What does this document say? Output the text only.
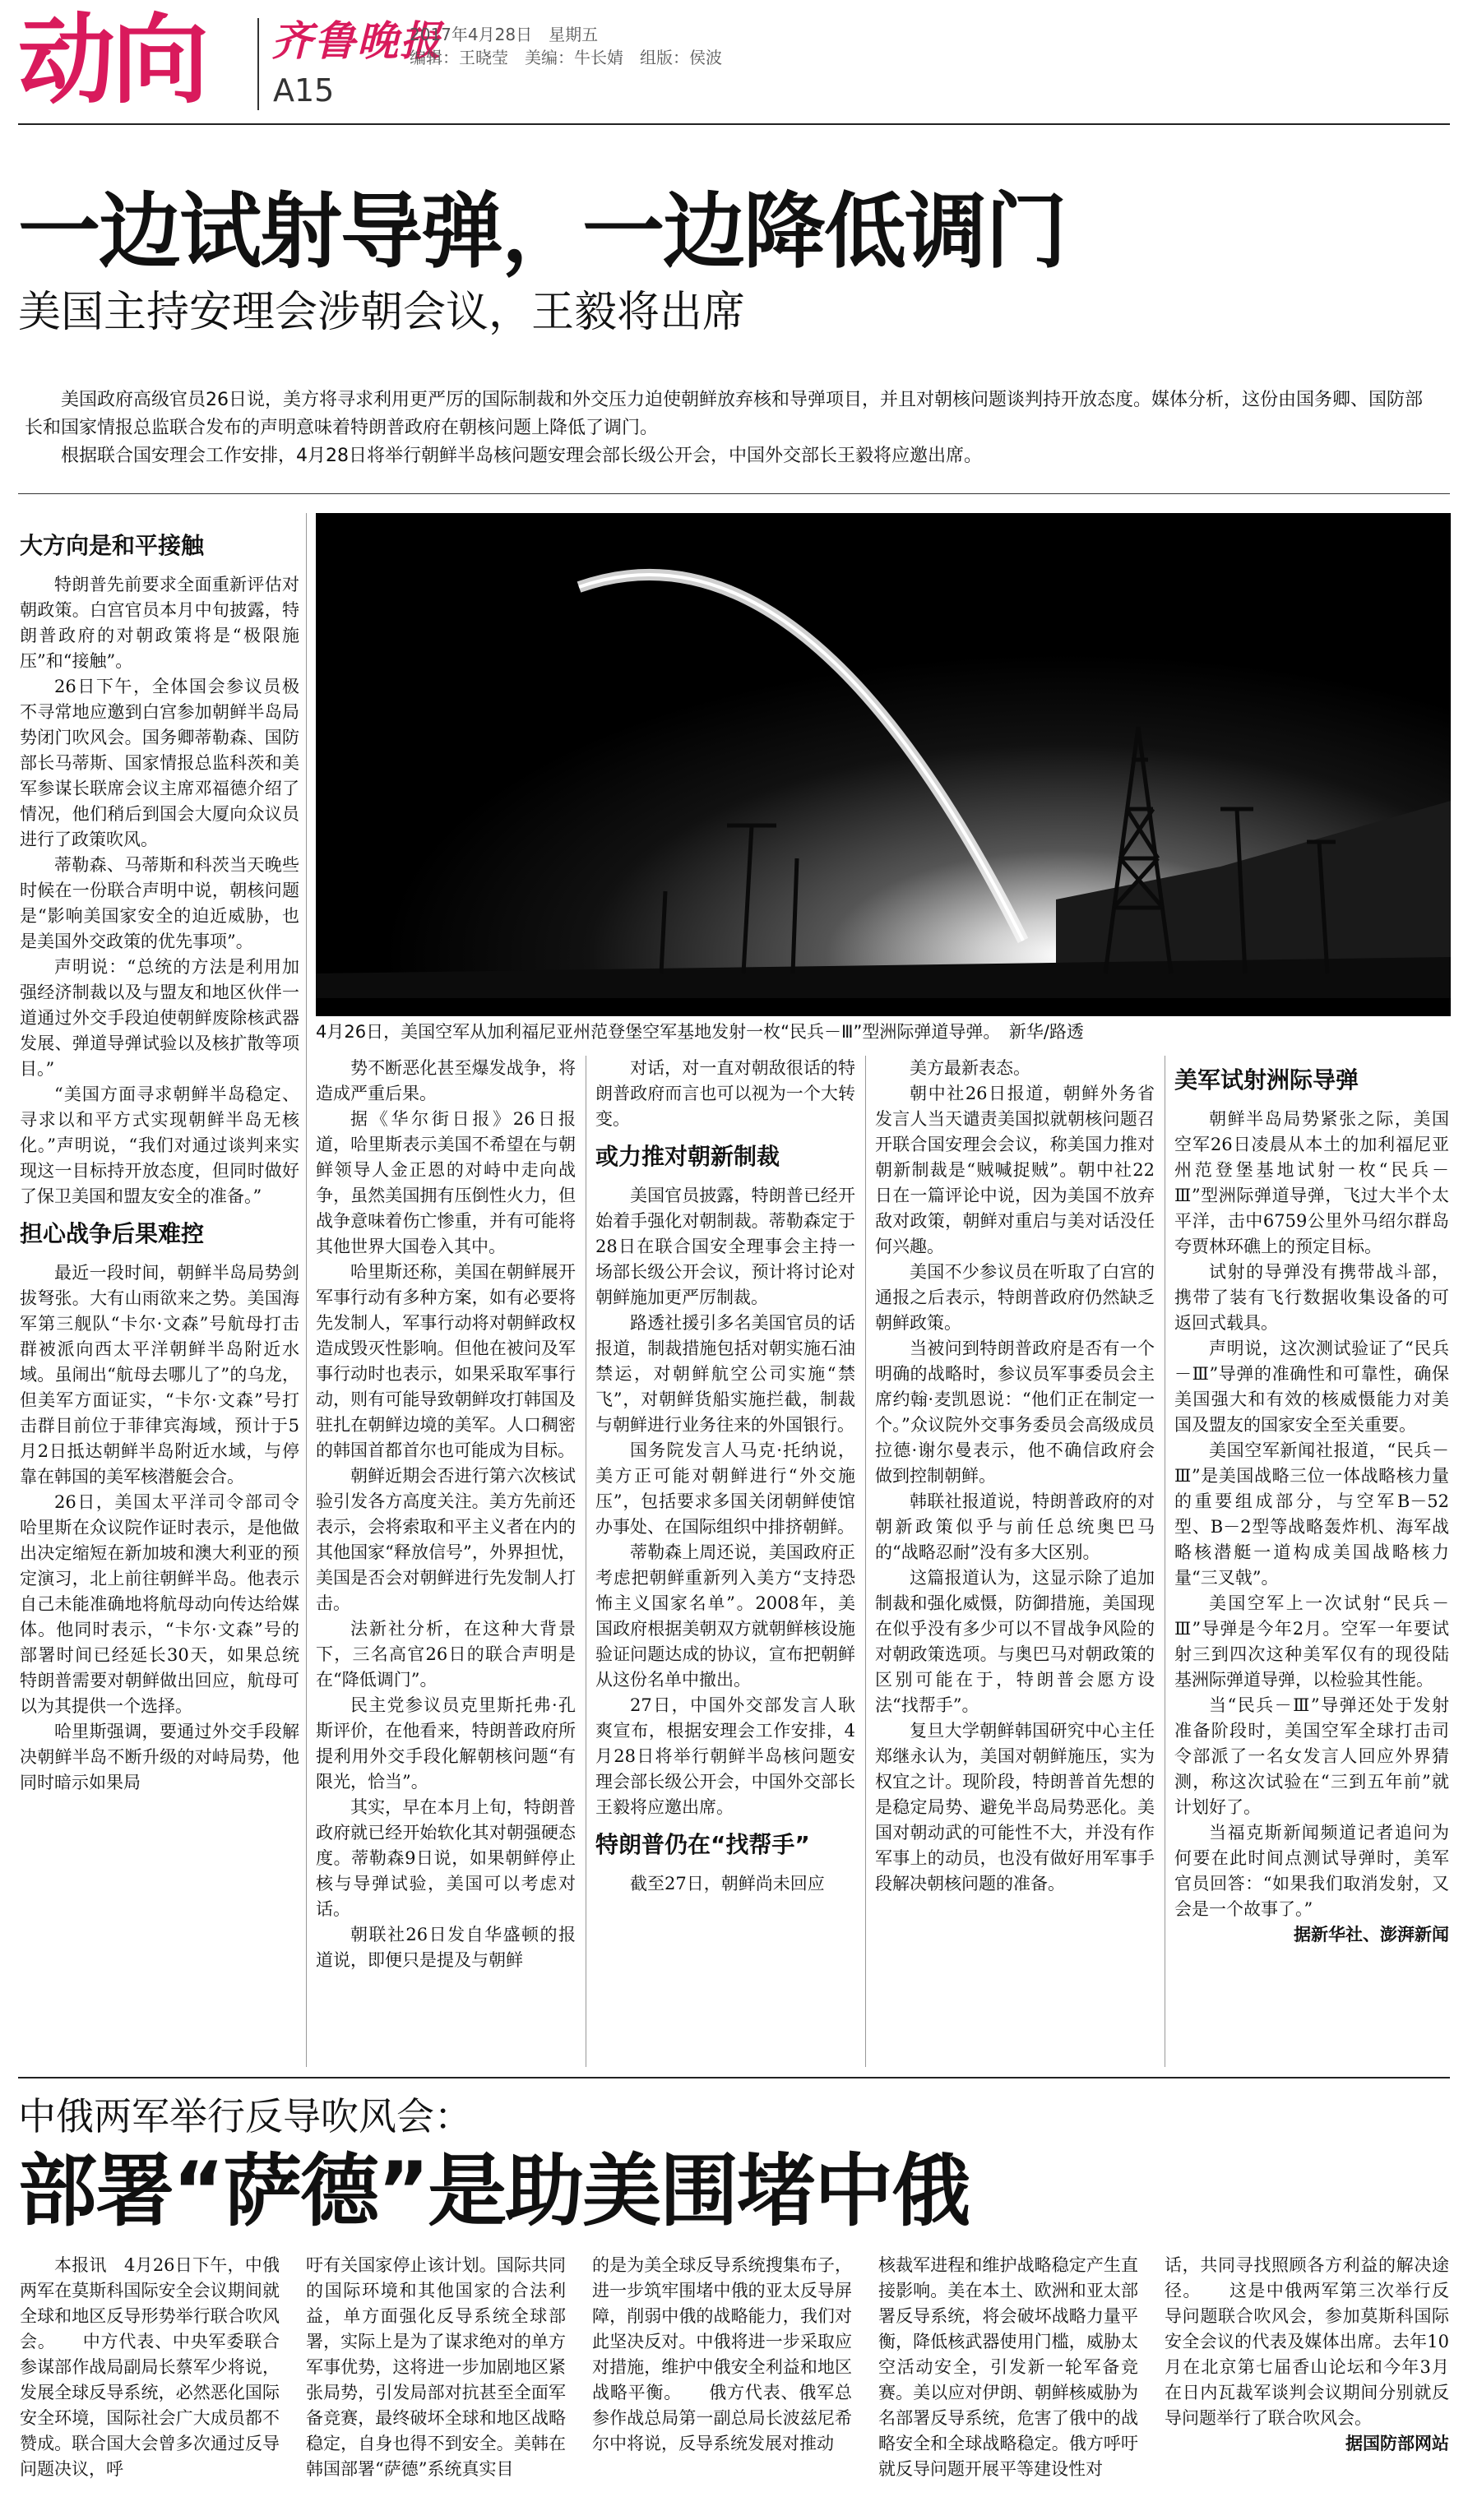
动向 齐鲁晚报
A15
2017年4月28日　星期五
编辑：王晓莹　美编：牛长婧　组版：侯波
一边试射导弹，一边降低调门
美国主持安理会涉朝会议，王毅将出席

美国政府高级官员26日说，美方将寻求利用更严厉的国际制裁和外交压力迫使朝鲜放弃核和导弹项目，并且对朝核问题谈判持开放态度。媒体分析，这份由国务卿、国防部长和国家情报总监联合发布的声明意味着特朗普政府在朝核问题上降低了调门。

根据联合国安理会工作安排，4月28日将举行朝鲜半岛核问题安理会部长级公开会，中国外交部长王毅将应邀出席。

4月26日，美国空军从加利福尼亚州范登堡空军基地发射一枚“民兵－Ⅲ”型洲际弹道导弹。　新华/路透
大方向是和平接触

特朗普先前要求全面重新评估对朝政策。白宫官员本月中旬披露，特朗普政府的对朝政策将是“极限施压”和“接触”。

26日下午，全体国会参议员极不寻常地应邀到白宫参加朝鲜半岛局势闭门吹风会。国务卿蒂勒森、国防部长马蒂斯、国家情报总监科茨和美军参谋长联席会议主席邓福德介绍了情况，他们稍后到国会大厦向众议员进行了政策吹风。

蒂勒森、马蒂斯和科茨当天晚些时候在一份联合声明中说，朝核问题是“影响美国家安全的迫近威胁，也是美国外交政策的优先事项”。

声明说：“总统的方法是利用加强经济制裁以及与盟友和地区伙伴一道通过外交手段迫使朝鲜废除核武器发展、弹道导弹试验以及核扩散等项目。”

“美国方面寻求朝鲜半岛稳定、寻求以和平方式实现朝鲜半岛无核化。”声明说，“我们对通过谈判来实现这一目标持开放态度，但同时做好了保卫美国和盟友安全的准备。”

担心战争后果难控

最近一段时间，朝鲜半岛局势剑拔弩张。大有山雨欲来之势。美国海军第三舰队“卡尔·文森”号航母打击群被派向西太平洋朝鲜半岛附近水域。虽闹出“航母去哪儿了”的乌龙，但美军方面证实，“卡尔·文森”号打击群目前位于菲律宾海域，预计于5月2日抵达朝鲜半岛附近水域，与停靠在韩国的美军核潜艇会合。

26日，美国太平洋司令部司令哈里斯在众议院作证时表示，是他做出决定缩短在新加坡和澳大利亚的预定演习，北上前往朝鲜半岛。他表示自己未能准确地将航母动向传达给媒体。他同时表示，“卡尔·文森”号的部署时间已经延长30天，如果总统特朗普需要对朝鲜做出回应，航母可以为其提供一个选择。

哈里斯强调，要通过外交手段解决朝鲜半岛不断升级的对峙局势，他同时暗示如果局

势不断恶化甚至爆发战争，将造成严重后果。

据《华尔街日报》26日报道，哈里斯表示美国不希望在与朝鲜领导人金正恩的对峙中走向战争，虽然美国拥有压倒性火力，但战争意味着伤亡惨重，并有可能将其他世界大国卷入其中。

哈里斯还称，美国在朝鲜展开军事行动有多种方案，如有必要将先发制人，军事行动将对朝鲜政权造成毁灭性影响。但他在被问及军事行动时也表示，如果采取军事行动，则有可能导致朝鲜攻打韩国及驻扎在朝鲜边境的美军。人口稠密的韩国首都首尔也可能成为目标。

朝鲜近期会否进行第六次核试验引发各方高度关注。美方先前还表示，会将索取和平主义者在内的其他国家“释放信号”，外界担忧，美国是否会对朝鲜进行先发制人打击。

法新社分析，在这种大背景下，三名高官26日的联合声明是在“降低调门”。

民主党参议员克里斯托弗·孔斯评价，在他看来，特朗普政府所提利用外交手段化解朝核问题“有限光，恰当”。

其实，早在本月上旬，特朗普政府就已经开始软化其对朝强硬态度。蒂勒森9日说，如果朝鲜停止核与导弹试验，美国可以考虑对话。

朝联社26日发自华盛顿的报道说，即便只是提及与朝鲜

对话，对一直对朝敌很话的特朗普政府而言也可以视为一个大转变。

或力推对朝新制裁

美国官员披露，特朗普已经开始着手强化对朝制裁。蒂勒森定于28日在联合国安全理事会主持一场部长级公开会议，预计将讨论对朝鲜施加更严厉制裁。

路透社援引多名美国官员的话报道，制裁措施包括对朝实施石油禁运，对朝鲜航空公司实施“禁飞”，对朝鲜货船实施拦截，制裁与朝鲜进行业务往来的外国银行。

国务院发言人马克·托纳说，美方正可能对朝鲜进行“外交施压”，包括要求多国关闭朝鲜使馆办事处、在国际组织中排挤朝鲜。

蒂勒森上周还说，美国政府正考虑把朝鲜重新列入美方“支持恐怖主义国家名单”。2008年，美国政府根据美朝双方就朝鲜核设施验证问题达成的协议，宣布把朝鲜从这份名单中撤出。

27日，中国外交部发言人耿爽宣布，根据安理会工作安排，4月28日将举行朝鲜半岛核问题安理会部长级公开会，中国外交部长王毅将应邀出席。

特朗普仍在“找帮手”

截至27日，朝鲜尚未回应

美方最新表态。

朝中社26日报道，朝鲜外务省发言人当天谴责美国拟就朝核问题召开联合国安理会会议，称美国力推对朝新制裁是“贼喊捉贼”。朝中社22日在一篇评论中说，因为美国不放弃敌对政策，朝鲜对重启与美对话没任何兴趣。

美国不少参议员在听取了白宫的通报之后表示，特朗普政府仍然缺乏朝鲜政策。

当被问到特朗普政府是否有一个明确的战略时，参议员军事委员会主席约翰·麦凯恩说：“他们正在制定一个。”众议院外交事务委员会高级成员拉德·谢尔曼表示，他不确信政府会做到控制朝鲜。

韩联社报道说，特朗普政府的对朝新政策似乎与前任总统奥巴马的“战略忍耐”没有多大区别。

这篇报道认为，这显示除了追加制裁和强化威慑，防御措施，美国现在似乎没有多少可以不冒战争风险的对朝政策选项。与奥巴马对朝政策的区别可能在于，特朗普会愿方设法“找帮手”。

复旦大学朝鲜韩国研究中心主任郑继永认为，美国对朝鲜施压，实为权宜之计。现阶段，特朗普首先想的是稳定局势、避免半岛局势恶化。美国对朝动武的可能性不大，并没有作军事上的动员，也没有做好用军事手段解决朝核问题的准备。

美军试射洲际导弹

朝鲜半岛局势紧张之际，美国空军26日凌晨从本土的加利福尼亚州范登堡基地试射一枚“民兵－Ⅲ”型洲际弹道导弹，飞过大半个太平洋，击中6759公里外马绍尔群岛夸贾林环礁上的预定目标。

试射的导弹没有携带战斗部，携带了装有飞行数据收集设备的可返回式载具。

声明说，这次测试验证了“民兵－Ⅲ”导弹的准确性和可靠性，确保美国强大和有效的核威慑能力对美国及盟友的国家安全至关重要。

美国空军新闻社报道，“民兵－Ⅲ”是美国战略三位一体战略核力量的重要组成部分，与空军B－52型、B－2型等战略轰炸机、海军战略核潜艇一道构成美国战略核力量“三叉戟”。

美国空军上一次试射“民兵－Ⅲ”导弹是今年2月。空军一年要试射三到四次这种美军仅有的现役陆基洲际弹道导弹，以检验其性能。

当“民兵－Ⅲ”导弹还处于发射准备阶段时，美国空军全球打击司令部派了一名女发言人回应外界猜测，称这次试验在“三到五年前”就计划好了。

当福克斯新闻频道记者追问为何要在此时间点测试导弹时，美军官员回答：“如果我们取消发射，又会是一个故事了。”

据新华社、澎湃新闻
中俄两军举行反导吹风会：
部署“萨德”是助美围堵中俄

本报讯　4月26日下午，中俄两军在莫斯科国际安全会议期间就全球和地区反导形势举行联合吹风会。　　中方代表、中央军委联合参谋部作战局副局长蔡军少将说，发展全球反导系统，必然恶化国际安全环境，国际社会广大成员都不赞成。联合国大会曾多次通过反导问题决议，呼

吁有关国家停止该计划。国际共同的国际环境和其他国家的合法利益，单方面强化反导系统全球部署，实际上是为了谋求绝对的单方军事优势，这将进一步加剧地区紧张局势，引发局部对抗甚至全面军备竞赛，最终破坏全球和地区战略稳定，自身也得不到安全。美韩在韩国部署“萨德”系统真实目

的是为美全球反导系统搜集布子，进一步筑牢围堵中俄的亚太反导屏障，削弱中俄的战略能力，我们对此坚决反对。中俄将进一步采取应对措施，维护中俄安全利益和地区战略平衡。　　俄方代表、俄军总参作战总局第一副总局长波兹尼希尔中将说，反导系统发展对推动

核裁军进程和维护战略稳定产生直接影响。美在本土、欧洲和亚太部署反导系统，将会破坏战略力量平衡，降低核武器使用门槛，威胁太空活动安全，引发新一轮军备竞赛。美以应对伊朗、朝鲜核威胁为名部署反导系统，危害了俄中的战略安全和全球战略稳定。俄方呼吁就反导问题开展平等建设性对

话，共同寻找照顾各方利益的解决途径。　　这是中俄两军第三次举行反导问题联合吹风会，参加莫斯科国际安全会议的代表及媒体出席。去年10月在北京第七届香山论坛和今年3月在日内瓦裁军谈判会议期间分别就反导问题举行了联合吹风会。

据国防部网站
